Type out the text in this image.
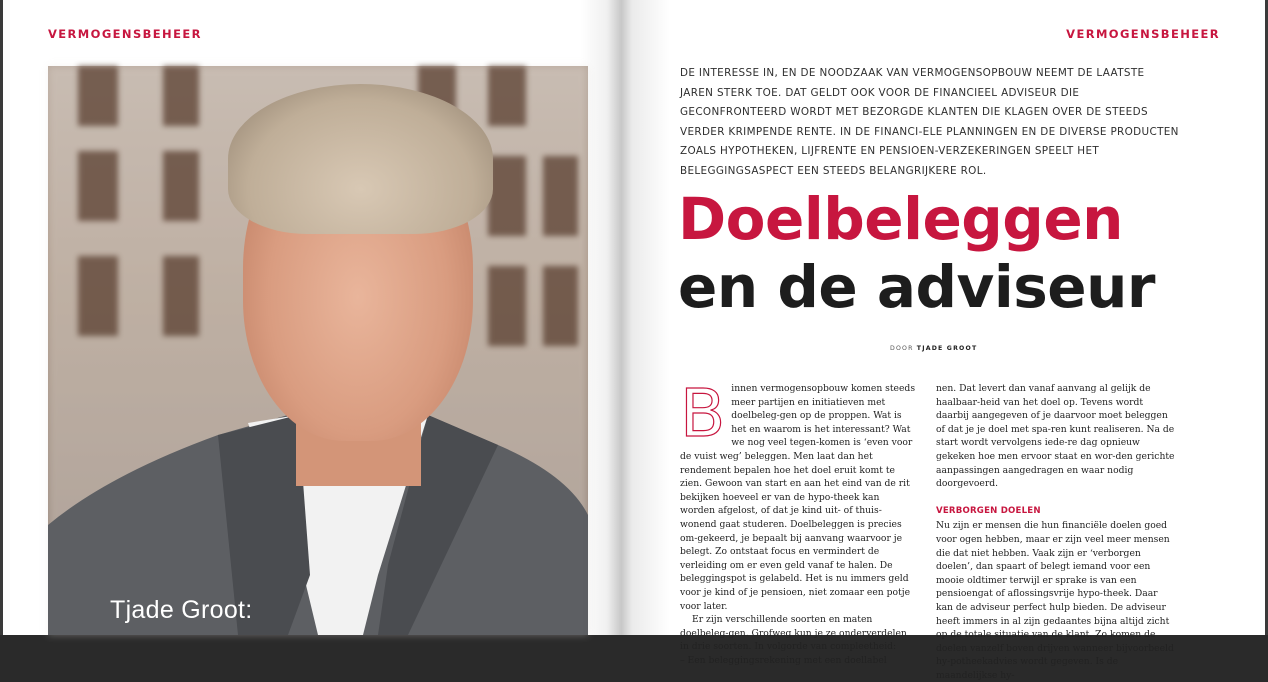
VERMOGENSBEHEER
Tjade Groot:
VERMOGENSBEHEER
DE INTERESSE IN, EN DE NOODZAAK VAN VERMOGENSOPBOUW NEEMT DE LAATSTE JAREN STERK TOE. DAT GELDT OOK VOOR DE FINANCIEEL ADVISEUR DIE GECONFRONTEERD WORDT MET BEZORGDE KLANTEN DIE KLAGEN OVER DE STEEDS VERDER KRIMPENDE RENTE. IN DE FINANCI-ELE PLANNINGEN EN DE DIVERSE PRODUCTEN ZOALS HYPOTHEKEN, LIJFRENTE EN PENSIOEN-VERZEKERINGEN SPEELT HET BELEGGINGSASPECT EEN STEEDS BELANGRIJKERE ROL.
Doelbeleggen
en de adviseur
DOOR TJADE GROOT
B innen vermogensopbouw komen steeds meer partijen en initiatieven met doelbeleg-gen op de proppen. Wat is het en waarom is het interessant? Wat we nog veel tegen-komen is ‘even voor de vuist weg’ beleggen. Men laat dan het rendement bepalen hoe het doel eruit komt te zien. Gewoon van start en aan het eind van de rit bekijken hoeveel er van de hypo-theek kan worden afgelost, of dat je kind uit- of thuis-wonend gaat studeren. Doelbeleggen is precies om-gekeerd, je bepaalt bij aanvang waarvoor je belegt. Zo ontstaat focus en vermindert de verleiding om er even geld vanaf te halen. De beleggingspot is gelabeld. Het is nu immers geld voor je kind of je pensioen, niet zomaar een potje voor later.

Er zijn verschillende soorten en maten doelbeleg-gen. Grofweg kun je ze onderverdelen in drie soorten. In volgorde van compleetheid:

– Een beleggingsrekening met een doellabel

nen. Dat levert dan vanaf aanvang al gelijk de haalbaar-heid van het doel op. Tevens wordt daarbij aangegeven of je daarvoor moet beleggen of dat je je doel met spa-ren kunt realiseren. Na de start wordt vervolgens iede-re dag opnieuw gekeken hoe men ervoor staat en wor-den gerichte aanpassingen aangedragen en waar nodig doorgevoerd.

VERBORGEN DOELEN

Nu zijn er mensen die hun financiële doelen goed voor ogen hebben, maar er zijn veel meer mensen die dat niet hebben. Vaak zijn er ‘verborgen doelen’, dan spaart of belegt iemand voor een mooie oldtimer terwijl er sprake is van een pensioengat of aflossingsvrije hypo-theek. Daar kan de adviseur perfect hulp bieden. De adviseur heeft immers in al zijn gedaantes bijna altijd zicht op de totale situatie van de klant. Zo komen de doelen vanzelf boven drijven wanneer bijvoorbeeld hy-potheekadvies wordt gegeven. Is de maandelijkse hy-
